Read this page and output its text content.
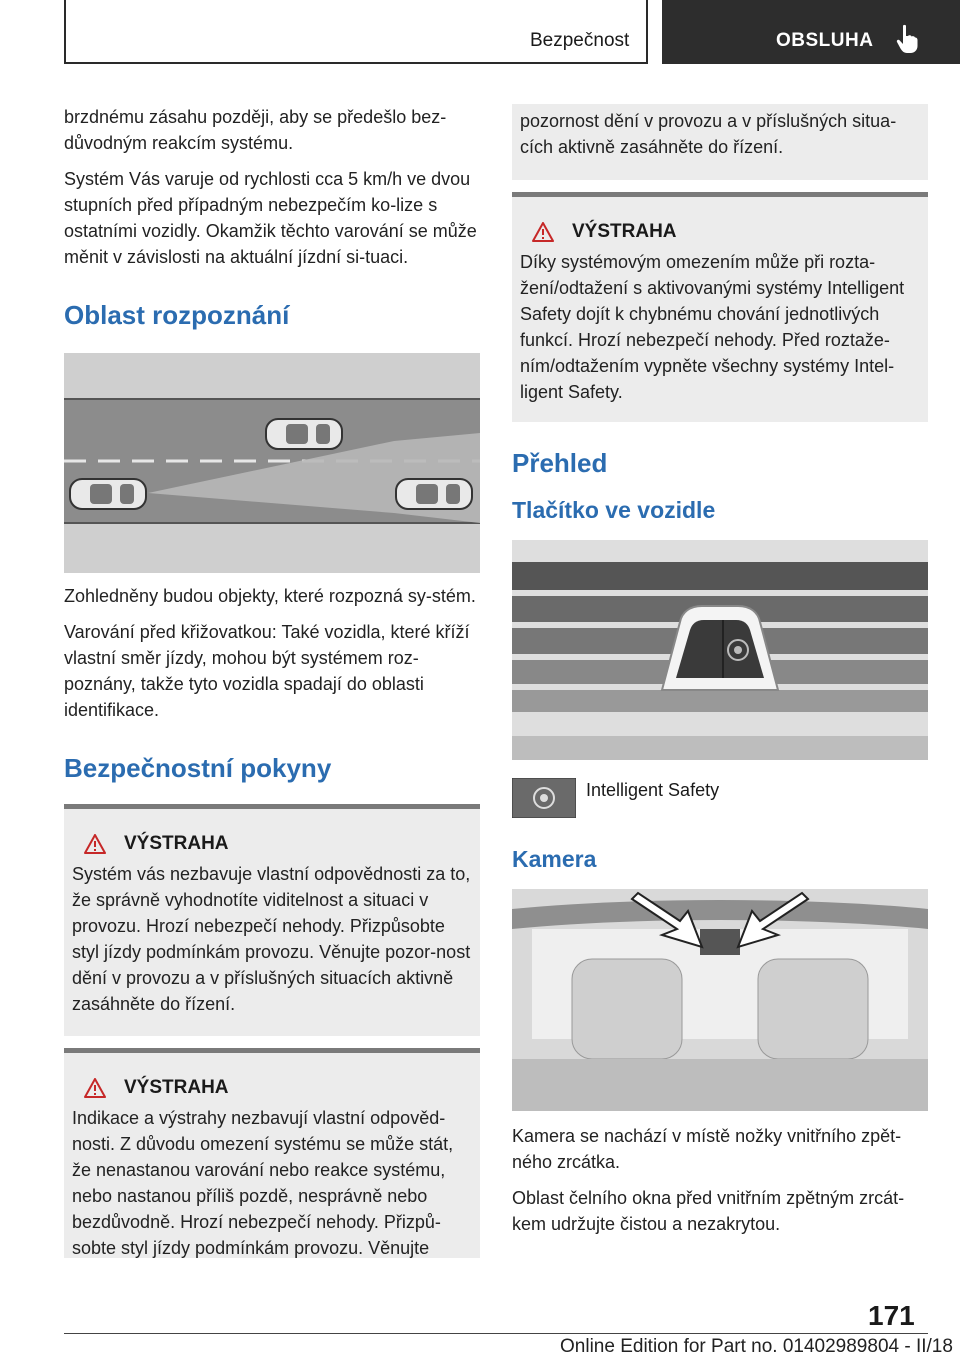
Bezpečnost	OBSLUHA

brzdnému zásahu později, aby se předešlo bez-důvodným reakcím systému.

Systém Vás varuje od rychlosti cca 5 km/h ve dvou stupních před případným nebezpečím ko-lize s ostatními vozidly. Okamžik těchto varování se může měnit v závislosti na aktuální jízdní si-tuaci.

Oblast rozpoznání

Zohledněny budou objekty, které rozpozná sy-stém.

Varování před křižovatkou: Také vozidla, které kříží vlastní směr jízdy, mohou být systémem roz-poznány, takže tyto vozidla spadají do oblasti identifikace.

Bezpečnostní pokyny
VÝSTRAHA

Systém vás nezbavuje vlastní odpovědnosti za to, že správně vyhodnotíte viditelnost a situaci v provozu. Hrozí nebezpečí nehody. Přizpůsobte styl jízdy podmínkám provozu. Věnujte pozor-nost dění v provozu a v příslušných situacích aktivně zasáhněte do řízení.

VÝSTRAHA

Indikace a výstrahy nezbavují vlastní odpověd-nosti. Z důvodu omezení systému se může stát, že nenastanou varování nebo reakce systému, nebo nastanou příliš pozdě, nesprávně nebo bezdůvodně. Hrozí nebezpečí nehody. Přizpů-sobte styl jízdy podmínkám provozu. Věnujte

pozornost dění v provozu a v příslušných situa-cích aktivně zasáhněte do řízení.

VÝSTRAHA

Díky systémovým omezením může při rozta-žení/odtažení s aktivovanými systémy Intelligent Safety dojít k chybnému chování jednotlivých funkcí. Hrozí nebezpečí nehody. Před roztaže-ním/odtažením vypněte všechny systémy Intel-ligent Safety.

Přehled
Tlačítko ve vozidle
Intelligent Safety
Kamera

Kamera se nachází v místě nožky vnitřního zpět-ného zrcátka.

Oblast čelního okna před vnitřním zpětným zrcát-kem udržujte čistou a nezakrytou.

171
Online Edition for Part no. 01402989804 - II/18
